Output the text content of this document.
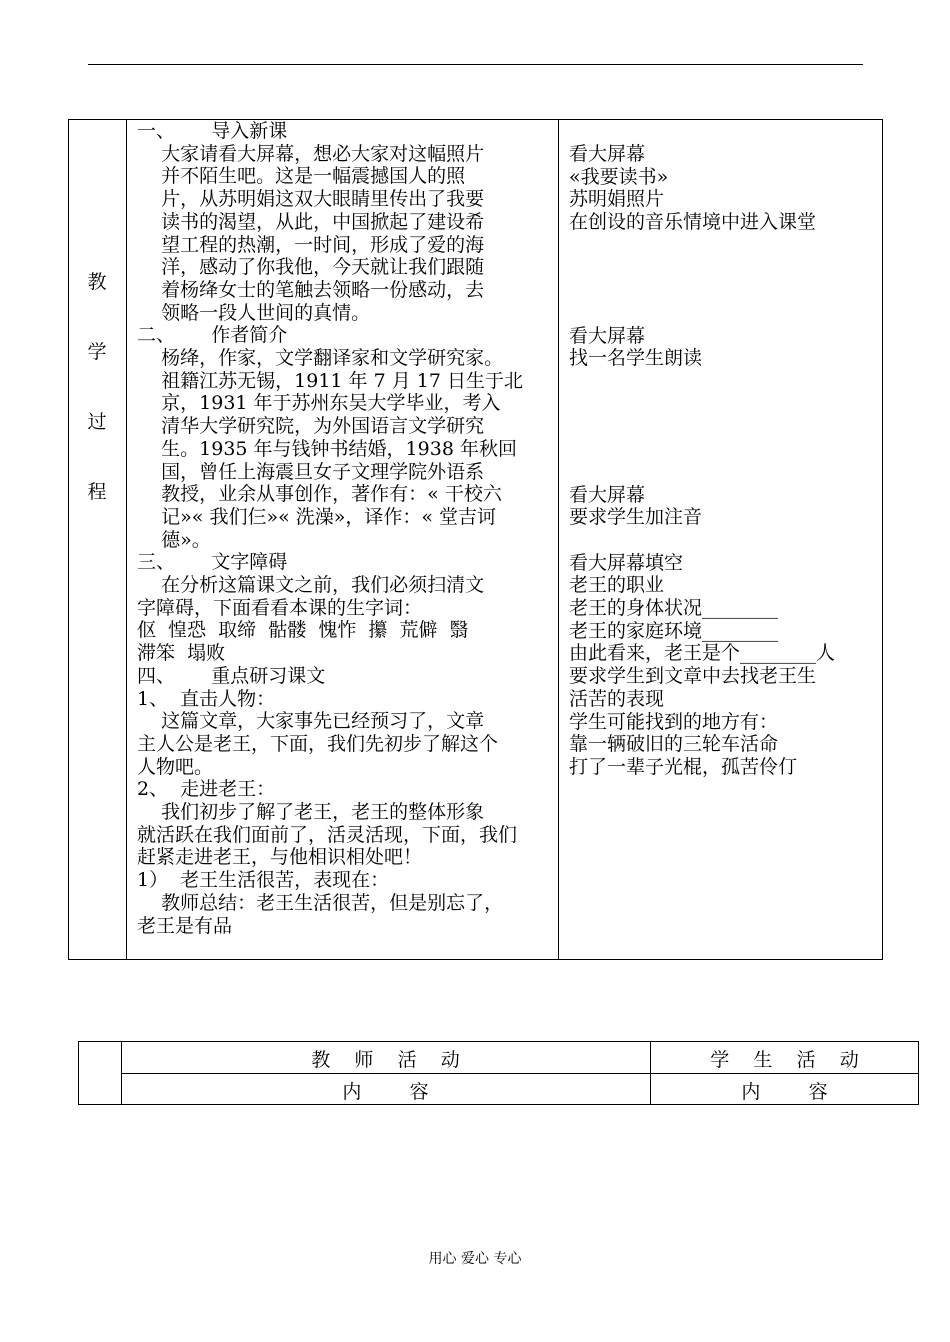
教
学
过
程
一、      导入新课
大家请看大屏幕，想必大家对这幅照片
并不陌生吧。这是一幅震撼国人的照
片，从苏明娟这双大眼睛里传出了我要
读书的渴望，从此，中国掀起了建设希
望工程的热潮，一时间，形成了爱的海
洋，感动了你我他，今天就让我们跟随
着杨绛女士的笔触去领略一份感动，去
领略一段人世间的真情。
二、      作者简介
杨绛，作家，文学翻译家和文学研究家。
祖籍江苏无锡，1911 年 7 月 17 日生于北
京，1931 年于苏州东吴大学毕业，考入
清华大学研究院，为外国语言文学研究
生。1935 年与钱钟书结婚，1938 年秋回
国，曾任上海震旦女子文理学院外语系
教授，业余从事创作，著作有：« 干校六
记»« 我们仨»« 洗澡»，译作：« 堂吉诃
德»。
三、      文字障碍
在分析这篇课文之前，我们必须扫清文
字障碍，下面看看本课的生字词：
伛  惶恐  取缔  骷髅  愧怍  攥  荒僻  翳
滞笨  塌败
四、      重点研习课文
1、  直击人物：
这篇文章，大家事先已经预习了，文章
主人公是老王，下面，我们先初步了解这个
人物吧。
2、  走进老王：
我们初步了解了老王，老王的整体形象
就活跃在我们面前了，活灵活现，下面，我们
赶紧走进老王，与他相识相处吧！
1）  老王生活很苦，表现在：
教师总结：老王生活很苦，但是别忘了，
老王是有品
看大屏幕
«我要读书»
苏明娟照片
在创设的音乐情境中进入课堂
看大屏幕
找一名学生朗读
看大屏幕
要求学生加注音
看大屏幕填空
老王的职业
老王的身体状况________
老王的家庭环境________
由此看来，老王是个________人
要求学生到文章中去找老王生
活苦的表现
学生可能找到的地方有：
靠一辆破旧的三轮车活命
打了一辈子光棍，孤苦伶仃
教    师    活    动	学    生    活    动
内        容	内        容
用心 爱心 专心
